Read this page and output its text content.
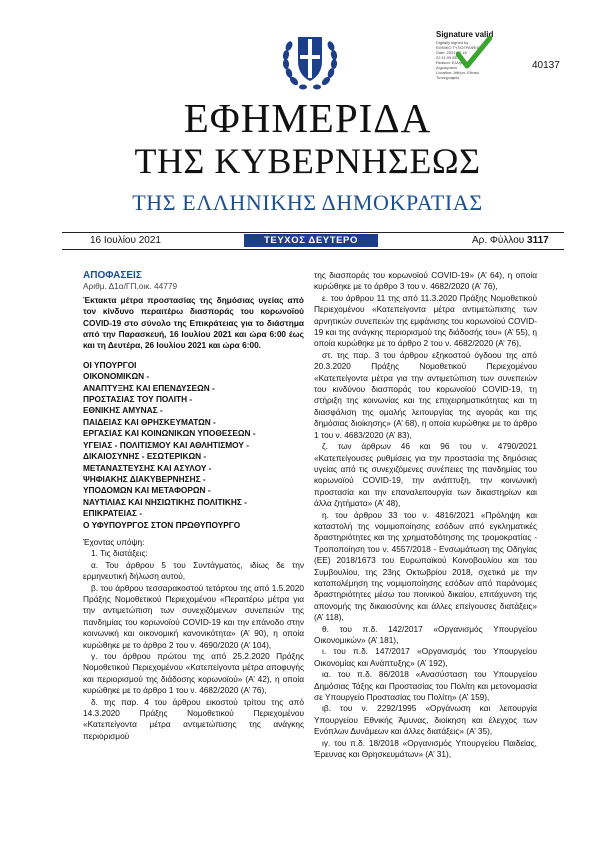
Signature valid
Digitally signed by
ΕΘΝΙΚΟ ΤΥΠΟΓΡΑΦΕΙΟ
Date: 2021.07.16
22:11:09 EEST
Reason: Ελληνική
Δημοκρατία
Location: Αθήνα, Εθνικό
Τυπογραφείο
40137
ΕΦΗΜΕΡΙΔΑ
ΤΗΣ ΚΥΒΕΡΝΗΣΕΩΣ
ΤΗΣ ΕΛΛΗΝΙΚΗΣ ΔΗΜΟΚΡΑΤΙΑΣ
16 Ιουλίου 2021	ΤΕΥΧΟΣ ΔΕΥΤΕΡΟ	Αρ. Φύλλου 3117

ΑΠΟΦΑΣΕΙΣ

Αριθμ. Δ1α/ΓΠ.οικ. 44779

Έκτακτα μέτρα προστασίας της δημόσιας υγείας από τον κίνδυνο περαιτέρω διασποράς του κορωνοϊού COVID-19 στο σύνολο της Επικράτειας για το διάστημα από την Παρασκευή, 16 Ιουλίου 2021 και ώρα 6:00 έως και τη Δευτέρα, 26 Ιουλίου 2021 και ώρα 6:00.

ΟΙ ΥΠΟΥΡΓΟΙ
ΟΙΚΟΝΟΜΙΚΩΝ -
ΑΝΑΠΤΥΞΗΣ ΚΑΙ ΕΠΕΝΔΥΣΕΩΝ -
ΠΡΟΣΤΑΣΙΑΣ ΤΟΥ ΠΟΛΙΤΗ -
ΕΘΝΙΚΗΣ ΑΜΥΝΑΣ -
ΠΑΙΔΕΙΑΣ ΚΑΙ ΘΡΗΣΚΕΥΜΑΤΩΝ -
ΕΡΓΑΣΙΑΣ ΚΑΙ ΚΟΙΝΩΝΙΚΩΝ ΥΠΟΘΕΣΕΩΝ -
ΥΓΕΙΑΣ - ΠΟΛΙΤΙΣΜΟΥ ΚΑΙ ΑΘΛΗΤΙΣΜΟΥ -
ΔΙΚΑΙΟΣΥΝΗΣ - ΕΣΩΤΕΡΙΚΩΝ -
ΜΕΤΑΝΑΣΤΕΥΣΗΣ ΚΑΙ ΑΣΥΛΟΥ -
ΨΗΦΙΑΚΗΣ ΔΙΑΚΥΒΕΡΝΗΣΗΣ -
ΥΠΟΔΟΜΩΝ ΚΑΙ ΜΕΤΑΦΟΡΩΝ -
ΝΑΥΤΙΛΙΑΣ ΚΑΙ ΝΗΣΙΩΤΙΚΗΣ ΠΟΛΙΤΙΚΗΣ -
ΕΠΙΚΡΑΤΕΙΑΣ -
Ο ΥΦΥΠΟΥΡΓΟΣ ΣΤΟΝ ΠΡΩΘΥΠΟΥΡΓΟ

Έχοντας υπόψη:

1. Τις διατάξεις:

α. Του άρθρου 5 του Συντάγματος, ιδίως δε την ερμηνευτική δήλωση αυτού,

β. του άρθρου τεσσαρακοστού τετάρτου της από 1.5.2020 Πράξης Νομοθετικού Περιεχομένου «Περαιτέρω μέτρα για την αντιμετώπιση των συνεχιζόμενων συνεπειών της πανδημίας του κορωνοϊού COVID-19 και την επάνοδο στην κοινωνική και οικονομική κανονικότητα» (Α’ 90), η οποία κυρώθηκε με το άρθρο 2 του ν. 4690/2020 (Α’ 104),

γ. του άρθρου πρώτου της από 25.2.2020 Πράξης Νομοθετικού Περιεχομένου «Κατεπείγοντα μέτρα αποφυγής και περιορισμού της διάδοσης κορωνοϊού» (Α’ 42), η οποία κυρώθηκε με το άρθρο 1 του ν. 4682/2020 (Α’ 76),

δ. της παρ. 4 του άρθρου εικοστού τρίτου της από 14.3.2020 Πράξης Νομοθετικού Περιεχομένου «Κατεπείγοντα μέτρα αντιμετώπισης της ανάγκης περιορισμού

της διασποράς του κορωνοϊού COVID-19» (Α’ 64), η οποία κυρώθηκε με το άρθρο 3 του ν. 4682/2020 (Α’ 76),

ε. του άρθρου 11 της από 11.3.2020 Πράξης Νομοθετικού Περιεχομένου «Κατεπείγοντα μέτρα αντιμετώπισης των αρνητικών συνεπειών της εμφάνισης του κορωνοϊού COVID-19 και της ανάγκης περιορισμού της διάδοσής του» (Α’ 55), η οποία κυρώθηκε με το άρθρο 2 του ν. 4682/2020 (Α’ 76),

στ. της παρ. 3 του άρθρου εξηκοστού όγδοου της από 20.3.2020 Πράξης Νομοθετικού Περιεχομένου «Κατεπείγοντα μέτρα για την αντιμετώπιση των συνεπειών του κινδύνου διασποράς του κορωνοϊού COVID-19, τη στήριξη της κοινωνίας και της επιχειρηματικότητας και τη διασφάλιση της ομαλής λειτουργίας της αγοράς και της δημόσιας διοίκησης» (Α’ 68), η οποία κυρώθηκε με το άρθρο 1 του ν. 4683/2020 (Α’ 83),

ζ. των άρθρων 46 και 96 του ν. 4790/2021 «Κατεπείγουσες ρυθμίσεις για την προστασία της δημόσιας υγείας από τις συνεχιζόμενες συνέπειες της πανδημίας του κορωνοϊού COVID-19, την ανάπτυξη, την κοινωνική προστασία και την επαναλειτουργία των δικαστηρίων και άλλα ζητήματα» (Α’ 48),

η. του άρθρου 33 του ν. 4816/2021 «Πρόληψη και καταστολή της νομιμοποίησης εσόδων από εγκληματικές δραστηριότητες και της χρηματοδότησης της τρομοκρατίας - Τροποποίηση του ν. 4557/2018 - Ενσωμάτωση της Οδηγίας (ΕΕ) 2018/1673 του Ευρωπαϊκού Κοινοβουλίου και του Συμβουλίου, της 23ης Οκτωβρίου 2018, σχετικά με την καταπολέμηση της νομιμοποίησης εσόδων από παράνομες δραστηριότητες μέσω του ποινικού δικαίου, επιτάχυνση της απονομής της δικαιοσύνης και άλλες επείγουσες διατάξεις» (Α’ 118),

θ. του π.δ. 142/2017 «Οργανισμός Υπουργείου Οικονομικών» (Α’ 181),

ι. του π.δ. 147/2017 «Οργανισμός του Υπουργείου Οικονομίας και Ανάπτυξης» (Α’ 192),

ια. του π.δ. 86/2018 «Ανασύσταση του Υπουργείου Δημόσιας Τάξης και Προστασίας του Πολίτη και μετονομασία σε Υπουργείο Προστασίας του Πολίτη» (Α’ 159),

ιβ. του ν. 2292/1995 «Οργάνωση και λειτουργία Υπουργείου Εθνικής Άμυνας, διοίκηση και έλεγχος των Ενόπλων Δυνάμεων και άλλες διατάξεις» (Α’ 35),

ιγ. του π.δ. 18/2018 «Οργανισμός Υπουργείου Παιδείας, Έρευνας και Θρησκευμάτων» (Α’ 31),
